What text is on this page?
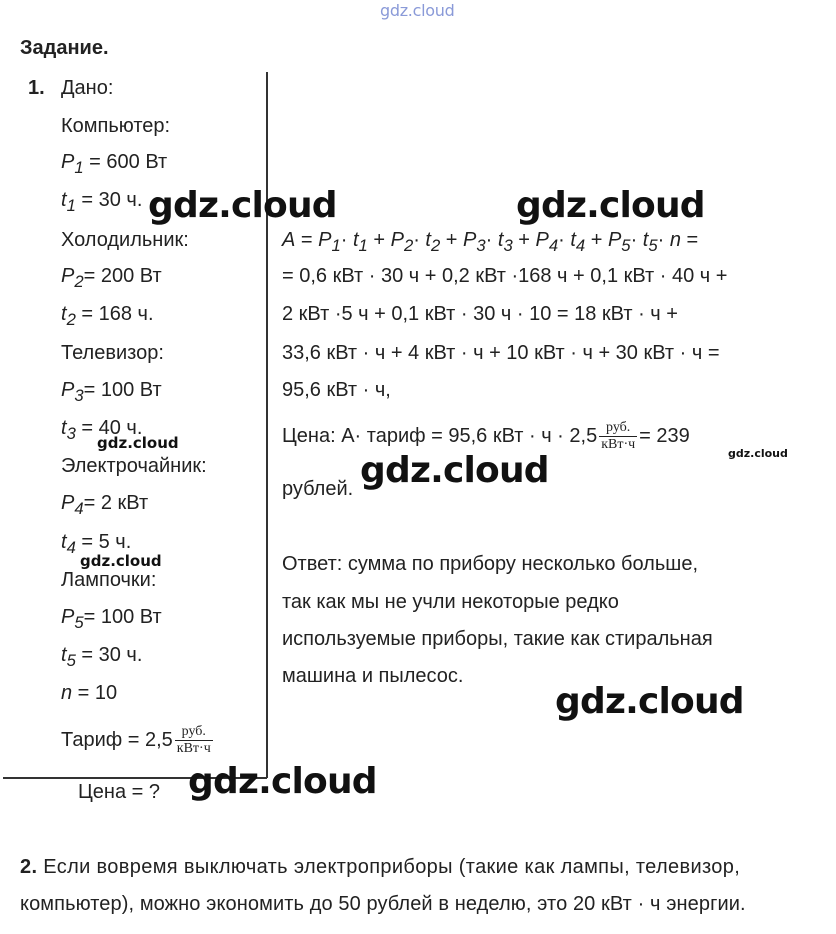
gdz.cloud
Задание.
1. Дано:
Компьютер:
$P_1 = 600$ Вт
$t_1 = 30$ ч.
Холодильник:
$P_2= 200$ Вт
$t_2 = 168$ ч.
Телевизор:
$P_3= 100$ Вт
$t_3 = 40$ ч.
Электрочайник:
$P_4= 2$ кВт
$t_4 = 5$ ч.
Лампочки:
$P_5= 100$ Вт
$t_5 = 30$ ч.
n = 10
Тариф = $2,5 \frac{\text{руб.}}{\text{кВт·ч}}$
Цена = ?
$A = P_1\cdot t_1 + P_2\cdot t_2 + P_3\cdot t_3 + P_4\cdot t_4 + P_5\cdot t_5\cdot n$ =
= 0,6 кВт · 30 ч + 0,2 кВт ·168 ч + 0,1 кВт · 40 ч +
2 кВт ·5 ч + 0,1 кВт · 30 ч · 10 = 18 кВт · ч +
33,6 кВт · ч + 4 кВт · ч + 10 кВт · ч + 30 кВт · ч =
95,6 кВт · ч,
Цена: A· тариф = 95,6 кВт · $ч \cdot 2,5 \frac{\text{руб.}}{\text{кВт·ч}} = 239$
рублей.
Ответ: сумма по прибору несколько больше,
так как мы не учли некоторые редко
используемые приборы, такие как стиральная
машина и пылесос.
2. Если вовремя выключать электроприборы (такие как лампы, телевизор,
компьютер), можно экономить до 50 рублей в неделю, это 20 кВт · ч энергии.
gdz.cloud	gdz.cloud
gdz.cloud
gdz.cloud
gdz.cloud
gdz.cloud
gdz.cloud
gdz.cloud
